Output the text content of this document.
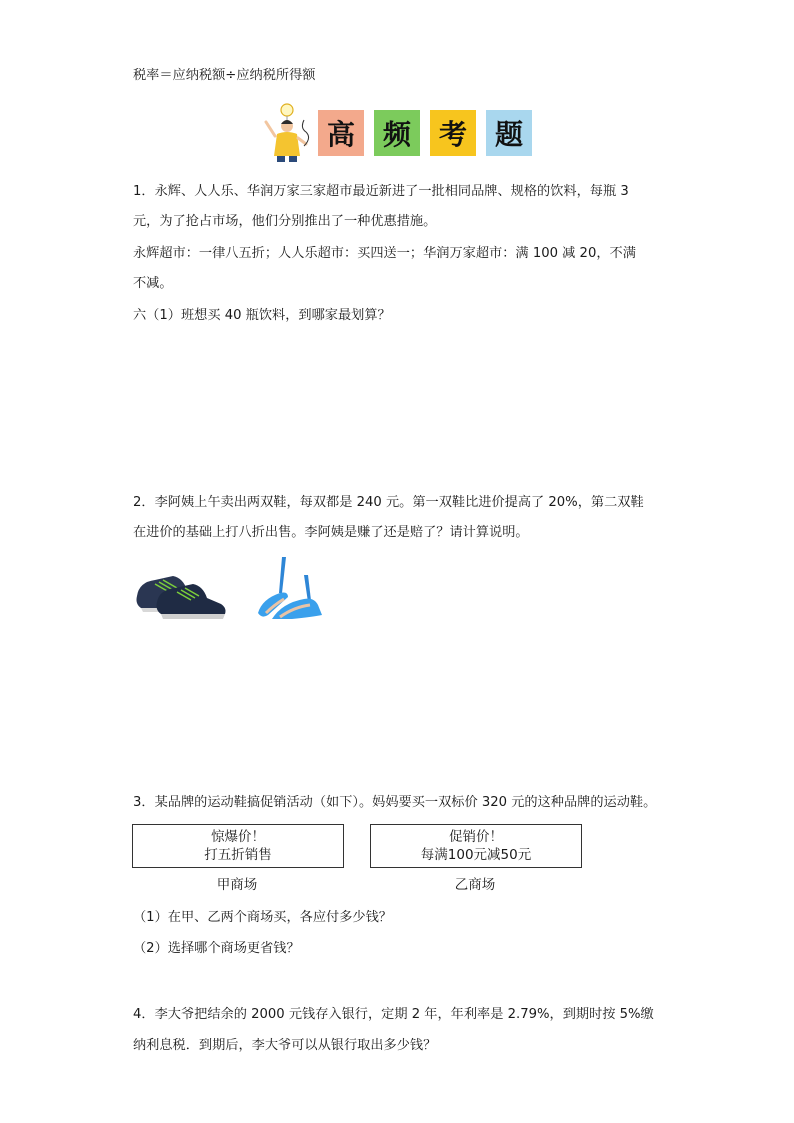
税率＝应纳税额÷应纳税所得额
高 频 考 题
1．永辉、人人乐、华润万家三家超市最近新进了一批相同品牌、规格的饮料，每瓶 3
元，为了抢占市场，他们分别推出了一种优惠措施。
永辉超市：一律八五折；人人乐超市：买四送一；华润万家超市：满 100 减 20，不满
不减。
六（1）班想买 40 瓶饮料，到哪家最划算？
2．李阿姨上午卖出两双鞋，每双都是 240 元。第一双鞋比进价提高了 20%，第二双鞋
在进价的基础上打八折出售。李阿姨是赚了还是赔了？请计算说明。
3．某品牌的运动鞋搞促销活动（如下）。妈妈要买一双标价 320 元的这种品牌的运动鞋。
惊爆价！
打五折销售
促销价！
每满100元减50元
甲商场	乙商场
（1）在甲、乙两个商场买，各应付多少钱？
（2）选择哪个商场更省钱？
4．李大爷把结余的 2000 元钱存入银行，定期 2 年，年利率是 2.79%，到期时按 5%缴
纳利息税．到期后，李大爷可以从银行取出多少钱？
